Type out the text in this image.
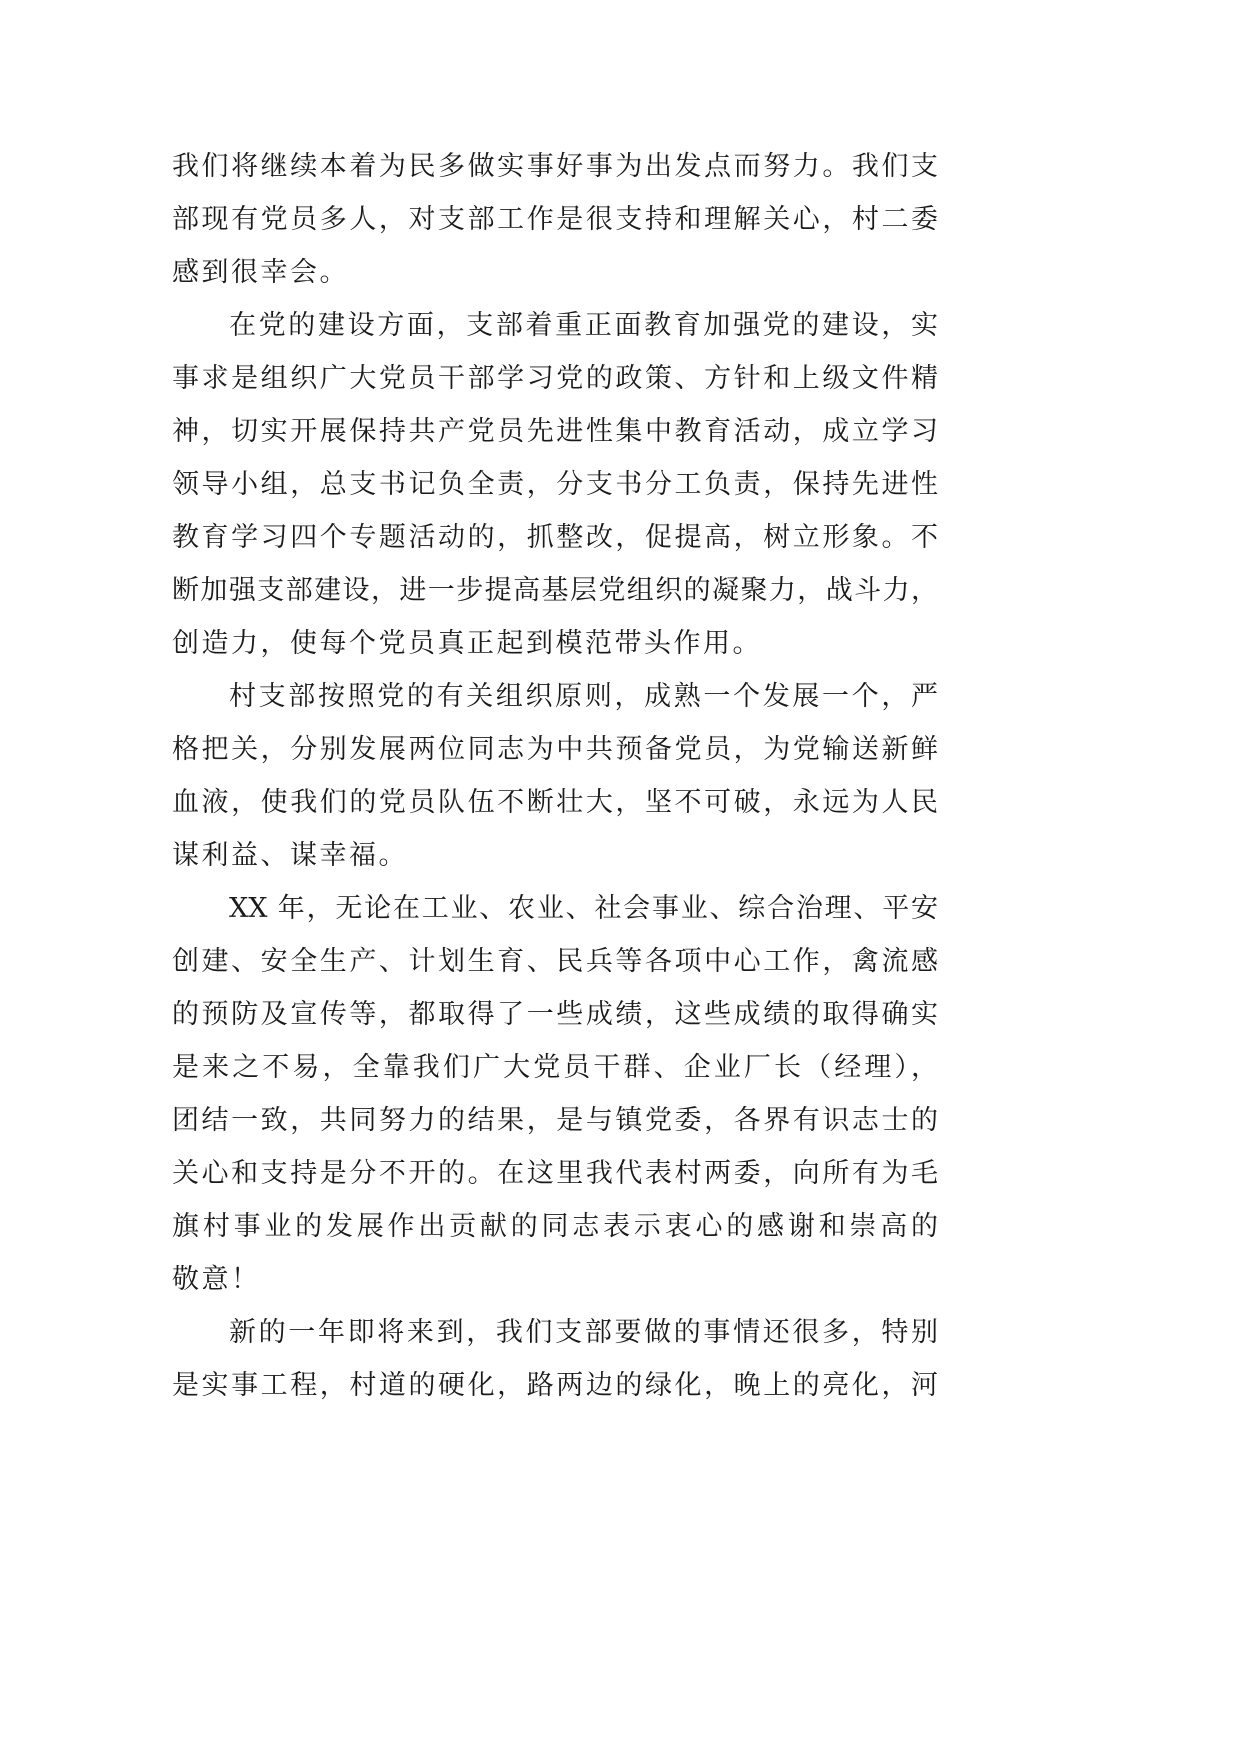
我们将继续本着为民多做实事好事为出发点而努力。我们支
部现有党员多人，对支部工作是很支持和理解关心，村二委
感到很幸会。
在党的建设方面，支部着重正面教育加强党的建设，实
事求是组织广大党员干部学习党的政策、方针和上级文件精
神，切实开展保持共产党员先进性集中教育活动，成立学习
领导小组，总支书记负全责，分支书分工负责，保持先进性
教育学习四个专题活动的，抓整改，促提高，树立形象。不
断加强支部建设，进一步提高基层党组织的凝聚力，战斗力，
创造力，使每个党员真正起到模范带头作用。
村支部按照党的有关组织原则，成熟一个发展一个，严
格把关，分别发展两位同志为中共预备党员，为党输送新鲜
血液，使我们的党员队伍不断壮大，坚不可破，永远为人民
谋利益、谋幸福。
XX 年，无论在工业、农业、社会事业、综合治理、平安
创建、安全生产、计划生育、民兵等各项中心工作，禽流感
的预防及宣传等，都取得了一些成绩，这些成绩的取得确实
是来之不易，全靠我们广大党员干群、企业厂长（经理），
团结一致，共同努力的结果，是与镇党委，各界有识志士的
关心和支持是分不开的。在这里我代表村两委，向所有为毛
旗村事业的发展作出贡献的同志表示衷心的感谢和崇高的
敬意！
新的一年即将来到，我们支部要做的事情还很多，特别
是实事工程，村道的硬化，路两边的绿化，晚上的亮化，河
